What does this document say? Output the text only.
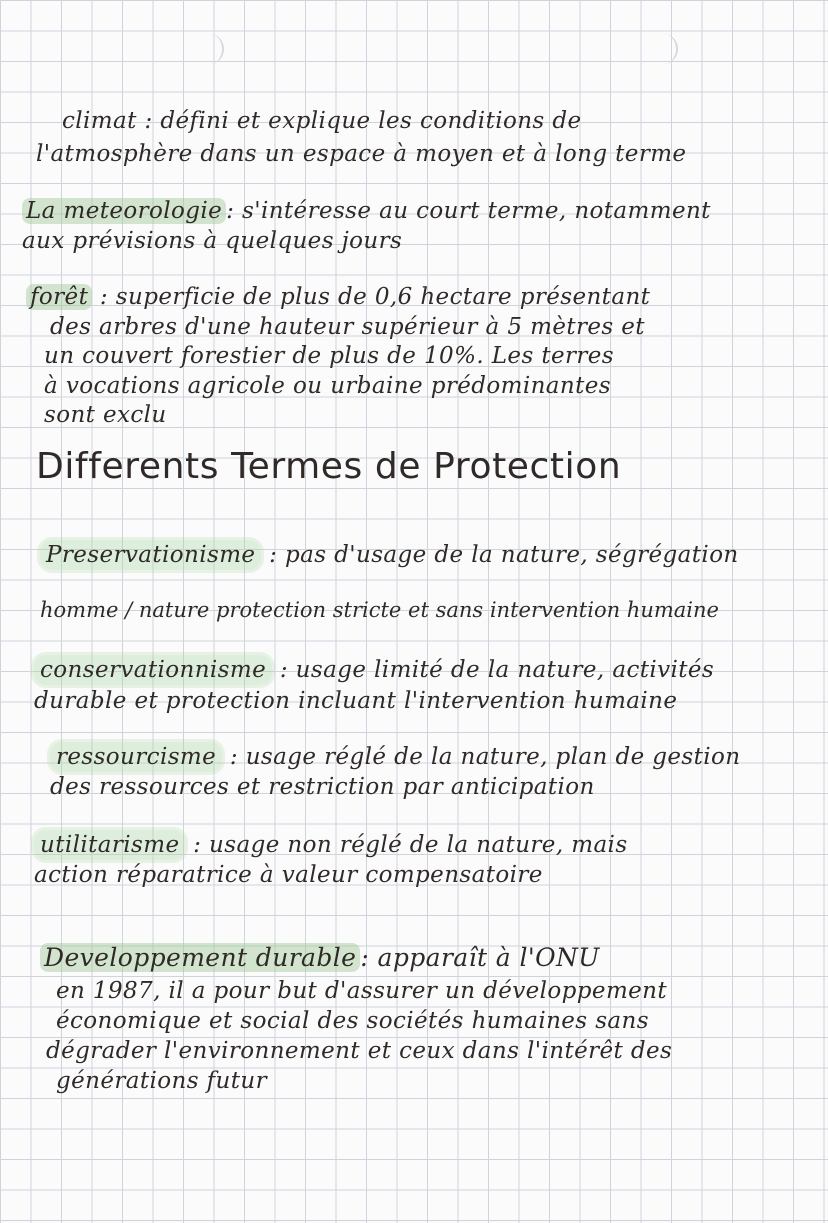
climat : défini et explique les conditions de
l'atmosphère dans un espace à moyen et à long terme
La meteorologie : s'intéresse au court terme, notamment
aux prévisions à quelques jours
forêt : superficie de plus de 0,6 hectare présentant
des arbres d'une hauteur supérieur à 5 mètres et
un couvert forestier de plus de 10%. Les terres
à vocations agricole ou urbaine prédominantes
sont exclu
Differents Termes de Protection
Preservationisme : pas d'usage de la nature, ségrégation
homme / nature protection stricte et sans intervention humaine
conservationnisme : usage limité de la nature, activités
durable et protection incluant l'intervention humaine
ressourcisme : usage réglé de la nature, plan de gestion
des ressources et restriction par anticipation
utilitarisme : usage non réglé de la nature, mais
action réparatrice à valeur compensatoire
Developpement durable : apparaît à l'ONU
en 1987, il a pour but d'assurer un développement
économique et social des sociétés humaines sans
dégrader l'environnement et ceux dans l'intérêt des
générations futur
